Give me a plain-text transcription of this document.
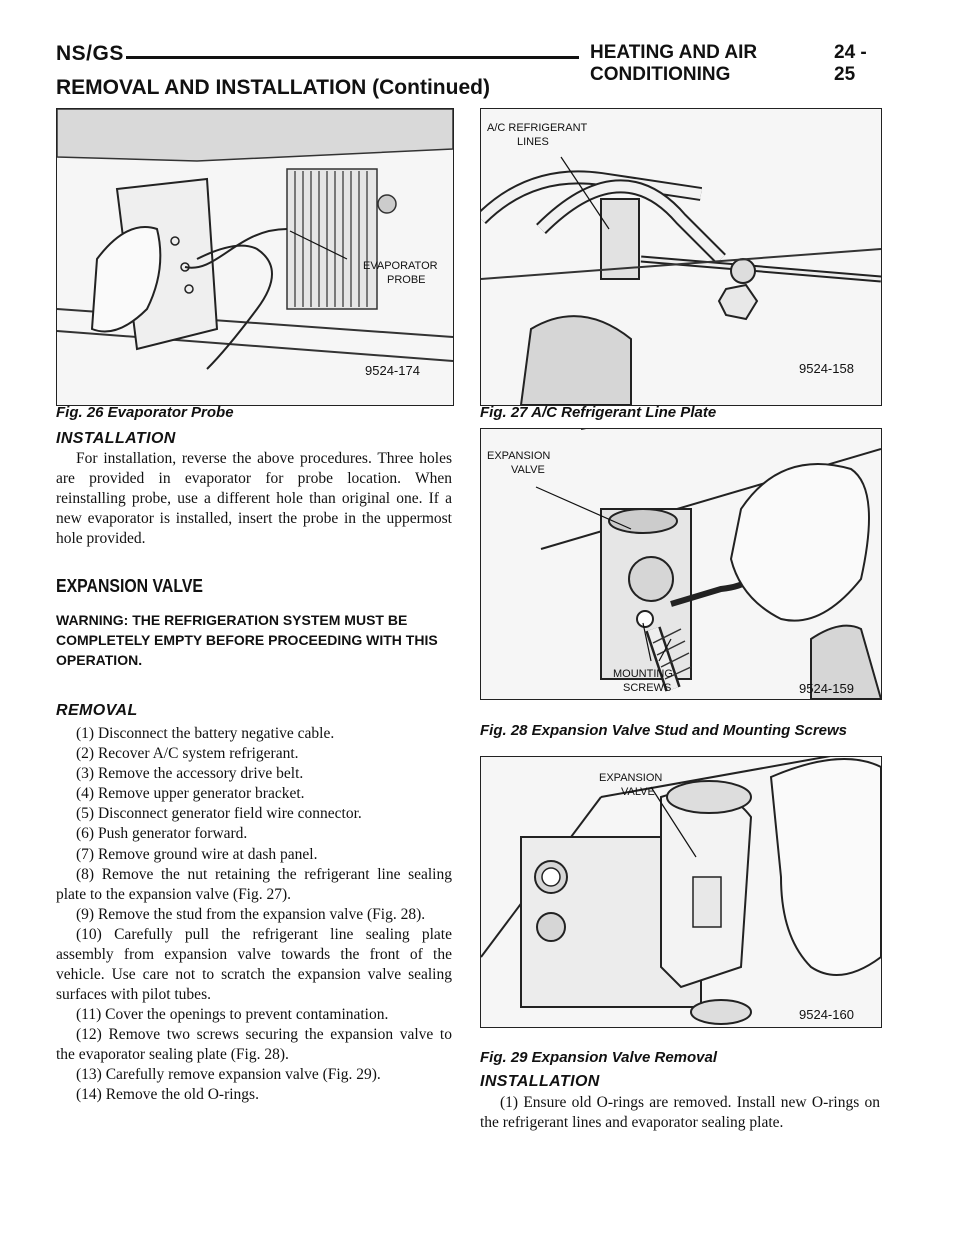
NS/GS	HEATING AND AIR CONDITIONING
24 - 25
REMOVAL AND INSTALLATION (Continued)
EVAPORATOR
PROBE
9524-174
Fig. 26 Evaporator Probe
A/C REFRIGERANT
LINES
9524-158
Fig. 27 A/C Refrigerant Line Plate
EXPANSION
VALVE
MOUNTING
SCREWS	9524-159
Fig. 28 Expansion Valve Stud and Mounting Screws
EXPANSION
VALVE
9524-160
Fig. 29 Expansion Valve Removal
INSTALLATION

For installation, reverse the above procedures. Three holes are provided in evaporator for probe location. When reinstalling probe, use a different hole than original one. If a new evaporator is installed, insert the probe in the uppermost hole provided.

EXPANSION VALVE
WARNING: THE REFRIGERATION SYSTEM MUST BE COMPLETELY EMPTY BEFORE PROCEEDING WITH THIS OPERATION.
REMOVAL
(1) Disconnect the battery negative cable.
(2) Recover A/C system refrigerant.
(3) Remove the accessory drive belt.
(4) Remove upper generator bracket.
(5) Disconnect generator field wire connector.
(6) Push generator forward.
(7) Remove ground wire at dash panel.

(8) Remove the nut retaining the refrigerant line sealing plate to the expansion valve (Fig. 27).

(9) Remove the stud from the expansion valve (Fig. 28).

(10) Carefully pull the refrigerant line sealing plate assembly from expansion valve towards the front of the vehicle. Use care not to scratch the expansion valve sealing surfaces with pilot tubes.

(11) Cover the openings to prevent contamination.

(12) Remove two screws securing the expansion valve to the evaporator sealing plate (Fig. 28).

(13) Carefully remove expansion valve (Fig. 29).
(14) Remove the old O-rings.
INSTALLATION

(1) Ensure old O-rings are removed. Install new O-rings on the refrigerant lines and evaporator sealing plate.
